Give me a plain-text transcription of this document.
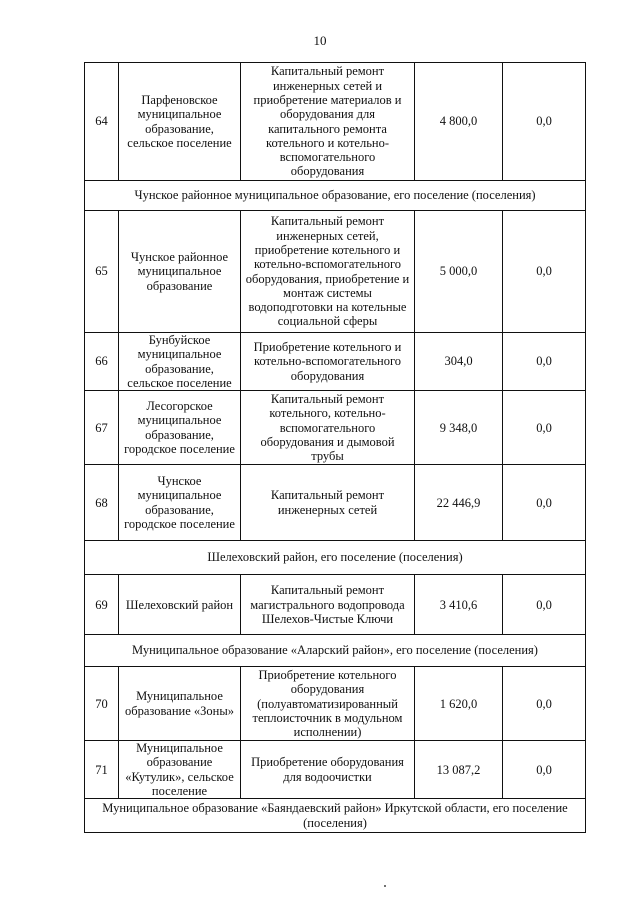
10
64	Парфеновское муниципальное образование, сельское поселение	Капитальный ремонт инженерных сетей и приобретение материалов и оборудования для капитального ремонта котельного и котельно-вспомогательного оборудования	4 800,0	0,0
Чунское районное муниципальное образование, его поселение (поселения)				
65	Чунское районное муниципальное образование	Капитальный ремонт инженерных сетей, приобретение котельного и котельно-вспомогательного оборудования, приобретение и монтаж системы водоподготовки на котельные социальной сферы	5 000,0	0,0
66	Бунбуйское муниципальное образование, сельское поселение	Приобретение котельного и котельно-вспомогательного оборудования	304,0	0,0
67	Лесогорское муниципальное образование, городское поселение	Капитальный ремонт котельного, котельно-вспомогательного оборудования и дымовой трубы	9 348,0	0,0
68	Чунское муниципальное образование, городское поселение	Капитальный ремонт инженерных сетей	22 446,9	0,0
Шелеховский район, его поселение (поселения)				
69	Шелеховский район	Капитальный ремонт магистрального водопровода Шелехов-Чистые Ключи	3 410,6	0,0
Муниципальное образование «Аларский район», его поселение (поселения)				
70	Муниципальное образование «Зоны»	Приобретение котельного оборудования (полуавтоматизированный теплоисточник в модульном исполнении)	1 620,0	0,0
71	Муниципальное образование «Кутулик», сельское поселение	Приобретение оборудования для водоочистки	13 087,2	0,0
Муниципальное образование «Баяндаевский район» Иркутской области, его поселение (поселения)				
